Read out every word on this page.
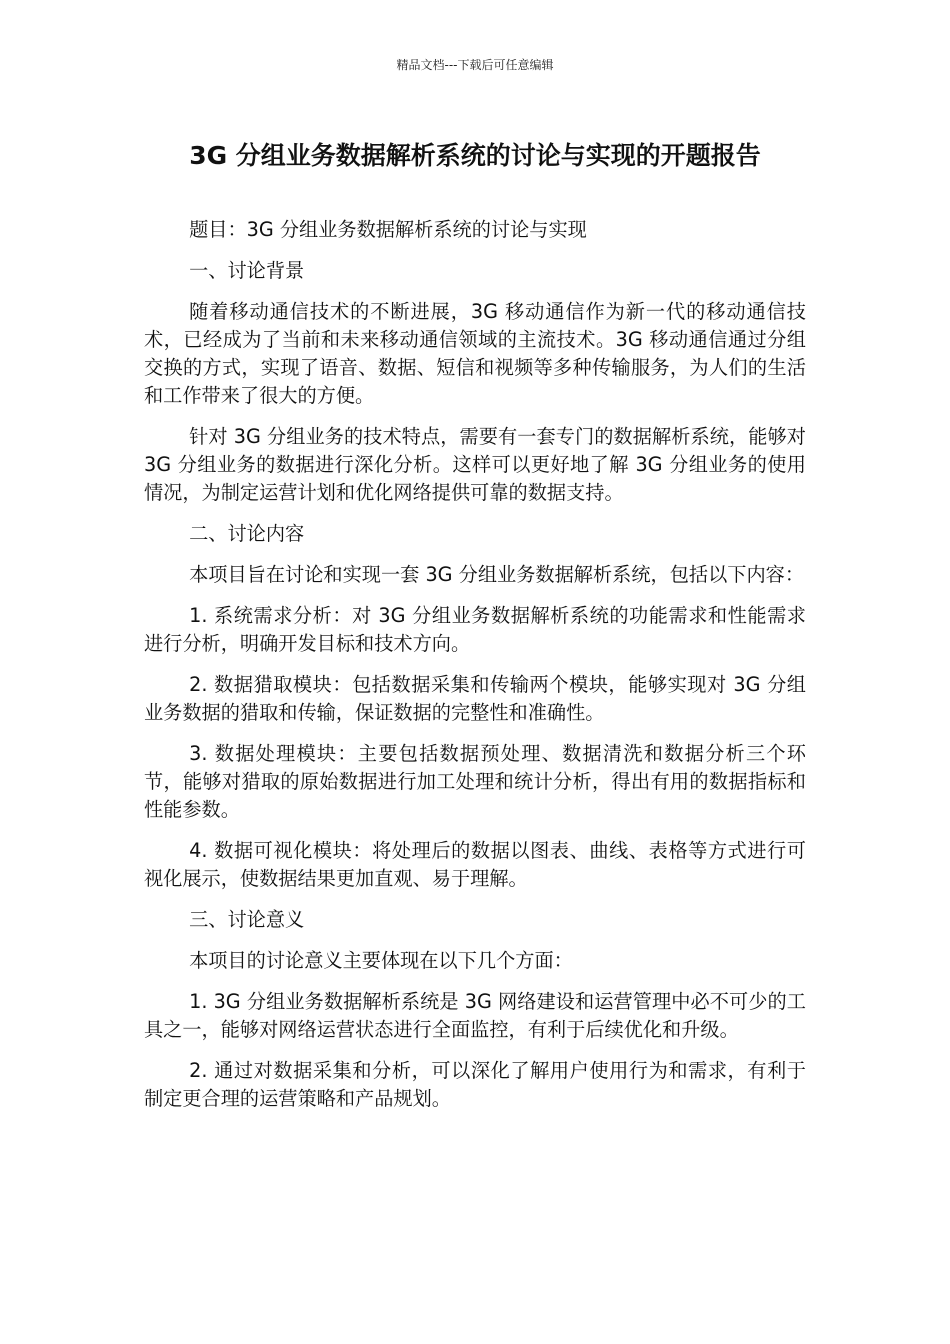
精品文档---下载后可任意编辑
3G 分组业务数据解析系统的讨论与实现的开题报告

题目：3G 分组业务数据解析系统的讨论与实现

一、讨论背景

随着移动通信技术的不断进展，3G 移动通信作为新一代的移动通信技术，已经成为了当前和未来移动通信领域的主流技术。3G 移动通信通过分组交换的方式，实现了语音、数据、短信和视频等多种传输服务，为人们的生活和工作带来了很大的方便。

针对 3G 分组业务的技术特点，需要有一套专门的数据解析系统，能够对 3G 分组业务的数据进行深化分析。这样可以更好地了解 3G 分组业务的使用情况，为制定运营计划和优化网络提供可靠的数据支持。

二、讨论内容

本项目旨在讨论和实现一套 3G 分组业务数据解析系统，包括以下内容：

1. 系统需求分析：对 3G 分组业务数据解析系统的功能需求和性能需求进行分析，明确开发目标和技术方向。

2. 数据猎取模块：包括数据采集和传输两个模块，能够实现对 3G 分组业务数据的猎取和传输，保证数据的完整性和准确性。

3. 数据处理模块：主要包括数据预处理、数据清洗和数据分析三个环节，能够对猎取的原始数据进行加工处理和统计分析，得出有用的数据指标和性能参数。

4. 数据可视化模块：将处理后的数据以图表、曲线、表格等方式进行可视化展示，使数据结果更加直观、易于理解。

三、讨论意义

本项目的讨论意义主要体现在以下几个方面：

1. 3G 分组业务数据解析系统是 3G 网络建设和运营管理中必不可少的工具之一，能够对网络运营状态进行全面监控，有利于后续优化和升级。

2. 通过对数据采集和分析，可以深化了解用户使用行为和需求，有利于制定更合理的运营策略和产品规划。
